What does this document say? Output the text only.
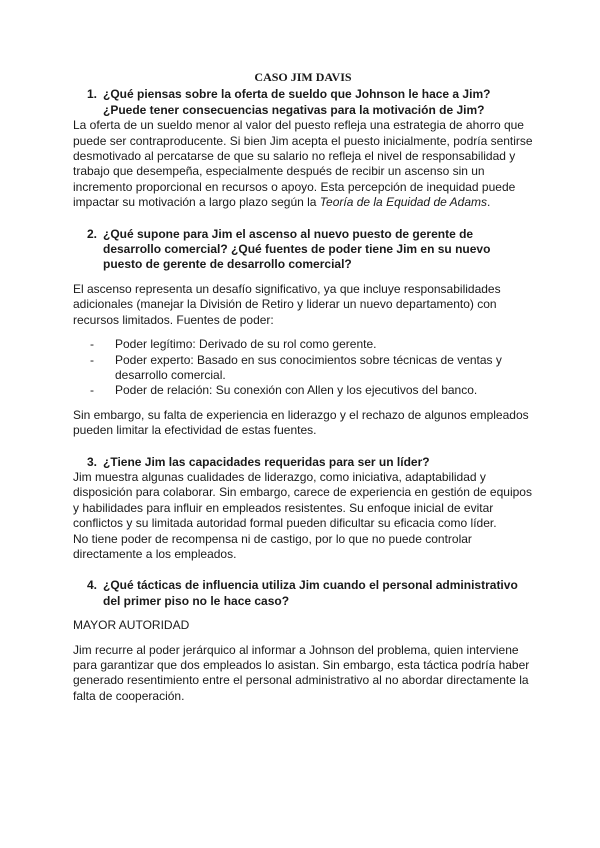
CASO JIM DAVIS
1. ¿Qué piensas sobre la oferta de sueldo que Johnson le hace a Jim? ¿Puede tener consecuencias negativas para la motivación de Jim?

La oferta de un sueldo menor al valor del puesto refleja una estrategia de ahorro que puede ser contraproducente. Si bien Jim acepta el puesto inicialmente, podría sentirse desmotivado al percatarse de que su salario no refleja el nivel de responsabilidad y trabajo que desempeña, especialmente después de recibir un ascenso sin un incremento proporcional en recursos o apoyo. Esta percepción de inequidad puede impactar su motivación a largo plazo según la Teoría de la Equidad de Adams.

2. ¿Qué supone para Jim el ascenso al nuevo puesto de gerente de desarrollo comercial? ¿Qué fuentes de poder tiene Jim en su nuevo puesto de gerente de desarrollo comercial?

El ascenso representa un desafío significativo, ya que incluye responsabilidades adicionales (manejar la División de Retiro y liderar un nuevo departamento) con recursos limitados. Fuentes de poder:

-	Poder legítimo: Derivado de su rol como gerente.
-	Poder experto: Basado en sus conocimientos sobre técnicas de ventas y desarrollo comercial.
-	Poder de relación: Su conexión con Allen y los ejecutivos del banco.

Sin embargo, su falta de experiencia en liderazgo y el rechazo de algunos empleados pueden limitar la efectividad de estas fuentes.

3. ¿Tiene Jim las capacidades requeridas para ser un líder?

Jim muestra algunas cualidades de liderazgo, como iniciativa, adaptabilidad y disposición para colaborar. Sin embargo, carece de experiencia en gestión de equipos y habilidades para influir en empleados resistentes. Su enfoque inicial de evitar conflictos y su limitada autoridad formal pueden dificultar su eficacia como líder.

No tiene poder de recompensa ni de castigo, por lo que no puede controlar directamente a los empleados.

4. ¿Qué tácticas de influencia utiliza Jim cuando el personal administrativo del primer piso no le hace caso?

MAYOR AUTORIDAD

Jim recurre al poder jerárquico al informar a Johnson del problema, quien interviene para garantizar que dos empleados lo asistan. Sin embargo, esta táctica podría haber generado resentimiento entre el personal administrativo al no abordar directamente la falta de cooperación.
